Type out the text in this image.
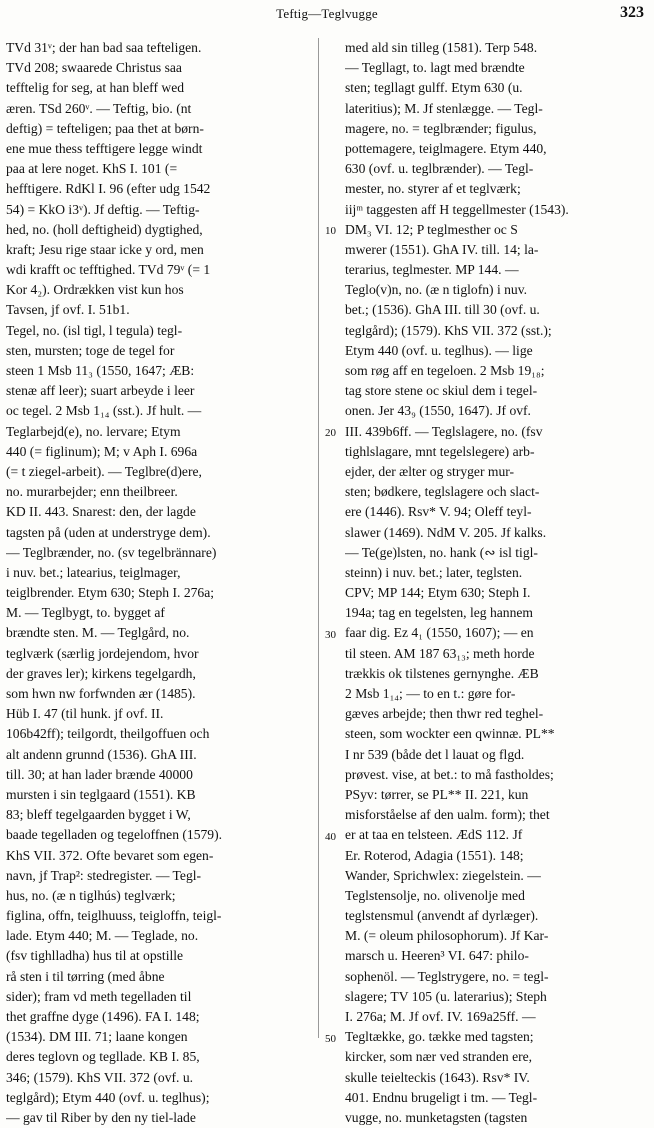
Teftig—Teglvugge	323
TVd 31ᵛ; der han bad saa tefteligen.
TVd 208; swaarede Christus saa
tefftelig for seg, at han bleff wed
æren. TSd 260ᵛ. — Teftig, bio. (nt
deftig) = tefteligen; paa thet at børn-
ene mue thess tefftigere legge windt
paa at lere noget. KhS I. 101 (=
hefftigere. RdKl I. 96 (efter udg 1542
54) = KkO i3ᵛ). Jf deftig. — Teftig-
hed, no. (holl deftigheid) dygtighed,
kraft; Jesu rige staar icke y ord, men
wdi krafft oc tefftighed. TVd 79ᵛ (= 1
Kor 4₂). Ordrækken vist kun hos
Tavsen, jf ovf. I. 51b1.
Tegel, no. (isl tigl, l tegula) tegl-
sten, mursten; toge de tegel for
steen 1 Msb 11₃ (1550, 1647; ÆB:
stenæ aff leer); suart arbeyde i leer
oc tegel. 2 Msb 1₁₄ (sst.). Jf hult. —
Teglarbejd(e), no. lervare; Etym
440 (= figlinum); M; v Aph I. 696a
(= t ziegel-arbeit). — Teglbre(d)ere,
no. murarbejder; enn theilbreer.
KD II. 443. Snarest: den, der lagde
tagsten på (uden at understryge dem).
— Teglbrænder, no. (sv tegelbrännare)
i nuv. bet.; latearius, teiglmager,
teiglbrender. Etym 630; Steph I. 276a;
M. — Teglbygt, to. bygget af
brændte sten. M. — Teglgård, no.
teglværk (særlig jordejendom, hvor
der graves ler); kirkens tegelgardh,
som hwn nw forfwnden ær (1485).
Hüb I. 47 (til hunk. jf ovf. II.
106b42ff); teilgordt, theilgoffuen och
alt andenn grunnd (1536). GhA III.
till. 30; at han lader brænde 40000
mursten i sin teglgaard (1551). KB
83; bleff tegelgaarden bygget i W,
baade tegelladen og tegeloffnen (1579).
KhS VII. 372. Ofte bevaret som egen-
navn, jf Trap²: stedregister. — Tegl-
hus, no. (æ n tiglhús) teglværk;
figlina, offn, teiglhuuss, teigloffn, teigl-
lade. Etym 440; M. — Teglade, no.
(fsv tighlladha) hus til at opstille
rå sten i til tørring (med åbne
sider); fram vd meth tegelladen til
thet graffne dyge (1496). FA I. 148;
(1534). DM III. 71; laane kongen
deres teglovn og tegllade. KB I. 85,
346; (1579). KhS VII. 372 (ovf. u.
teglgård); Etym 440 (ovf. u. teglhus);
— gav til Riber by den ny tiel-lade
med ald sin tilleg (1581). Terp 548.
— Tegllagt, to. lagt med brændte
sten; tegllagt gulff. Etym 630 (u.
lateritius); M. Jf stenlægge. — Tegl-
magere, no. = teglbrænder; figulus,
pottemagere, teiglmagere. Etym 440,
630 (ovf. u. teglbrænder). — Tegl-
mester, no. styrer af et teglværk;
iijᵐ taggesten aff H teggellmester (1543).
DM₃ VI. 12; P teglmesther oc S
mwerer (1551). GhA IV. till. 14; la-
terarius, teglmester. MP 144. —
Teglo(v)n, no. (æ n tiglofn) i nuv.
bet.; (1536). GhA III. till 30 (ovf. u.
teglgård); (1579). KhS VII. 372 (sst.);
Etym 440 (ovf. u. teglhus). — lige
som røg aff en tegeloen. 2 Msb 19₁₈;
tag store stene oc skiul dem i tegel-
onen. Jer 43₉ (1550, 1647). Jf ovf.
III. 439b6ff. — Teglslagere, no. (fsv
tighlslagare, mnt tegelslegere) arb-
ejder, der ælter og stryger mur-
sten; bødkere, teglslagere och slact-
ere (1446). Rsv* V. 94; Oleff teyl-
slawer (1469). NdM V. 205. Jf kalks.
— Te(ge)lsten, no. hank (∾ isl tigl-
steinn) i nuv. bet.; later, teglsten.
CPV; MP 144; Etym 630; Steph I.
194a; tag en tegelsten, leg hannem
faar dig. Ez 4₁ (1550, 1607); — en
til steen. AM 187 63₁₃; meth horde
trækkis ok tilstenes gernynghe. ÆB
2 Msb 1₁₄; — to en t.: gøre for-
gæves arbejde; then thwr red teghel-
steen, som wockter een qwinnæ. PL**
I nr 539 (både det l lauat og flgd.
prøvest. vise, at bet.: to må fastholdes;
PSyv: tørrer, se PL** II. 221, kun
misforståelse af den ualm. form); thet
er at taa en telsteen. ÆdS 112. Jf
Er. Roterod, Adagia (1551). 148;
Wander, Sprichwlex: ziegelstein. —
Teglstensolje, no. olivenolje med
teglstensmul (anvendt af dyrlæger).
M. (= oleum philosophorum). Jf Kar-
marsch u. Heeren³ VI. 647: philo-
sophenöl. — Teglstrygere, no. = tegl-
slagere; TV 105 (u. laterarius); Steph
I. 276a; M. Jf ovf. IV. 169a25ff. —
Tegltække, go. tække med tagsten;
kircker, som nær ved stranden ere,
skulle teielteckis (1643). Rsv* IV.
401. Endnu brugeligt i tm. — Tegl-
vugge, no. munketagsten (tagsten
10
20
30
40
50
